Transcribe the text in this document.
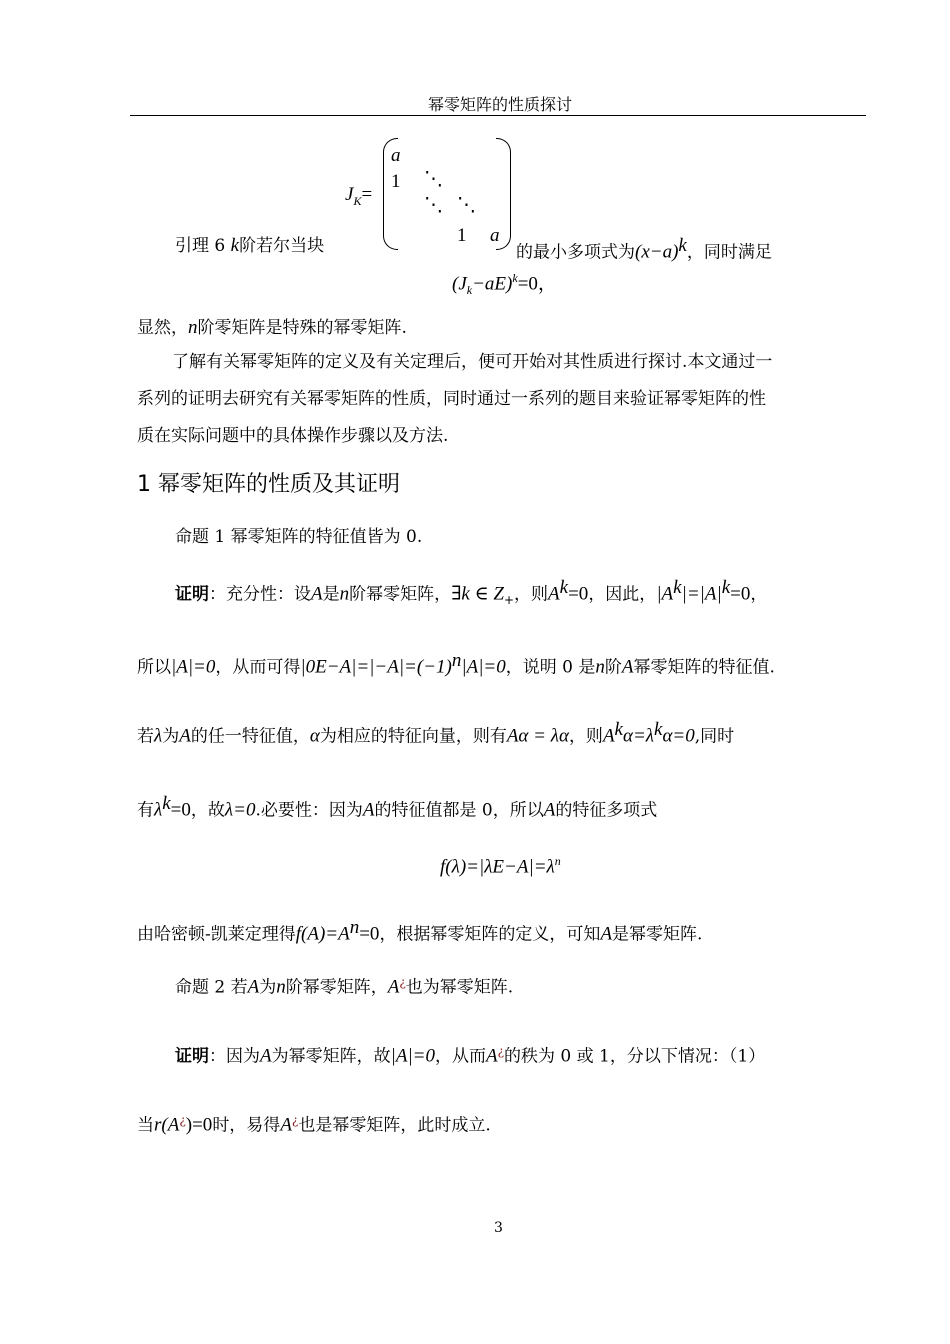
幂零矩阵的性质探讨
$J_K=$
a
1 ⋱
⋱ ⋱
1 a
引理 6 k阶若尔当块	的最小多项式为$(x-a)^k$，同时满足
$(J_k-aE)^k=0$，
显然，n阶零矩阵是特殊的幂零矩阵.
了解有关幂零矩阵的定义及有关定理后，便可开始对其性质进行探讨.本文通过一
系列的证明去研究有关幂零矩阵的性质，同时通过一系列的题目来验证幂零矩阵的性
质在实际问题中的具体操作步骤以及方法.
1 幂零矩阵的性质及其证明
命题 1 幂零矩阵的特征值皆为 0.
证明：充分性：设A是n阶幂零矩阵，∃k ∈ $Z_+$，则$A^k=0$，因此，$|A^k|=|A|^k=0$，
所以|A|=0，从而可得$|0E-A|=|-A|=(-1)^n|A|=0$，说明 0 是n阶A幂零矩阵的特征值.
若λ为A的任一特征值，α为相应的特征向量，则有Aα = λα，则$A^k\alpha=\lambda^k\alpha=0$,同时
有$\lambda^k=0$，故λ=0.必要性：因为A的特征值都是 0，所以A的特征多项式
$f(\lambda)=|\lambda E-A|=\lambda^n$
由哈密顿-凯莱定理得$f(A)=A^n=0$，根据幂零矩阵的定义，可知A是幂零矩阵.
命题 2 若A为n阶幂零矩阵，A¿也为幂零矩阵.
证明：因为A为幂零矩阵，故|A|=0，从而A¿的秩为 0 或 1，分以下情况：（1）
当r(A¿)=0时，易得A¿也是幂零矩阵，此时成立.
3
